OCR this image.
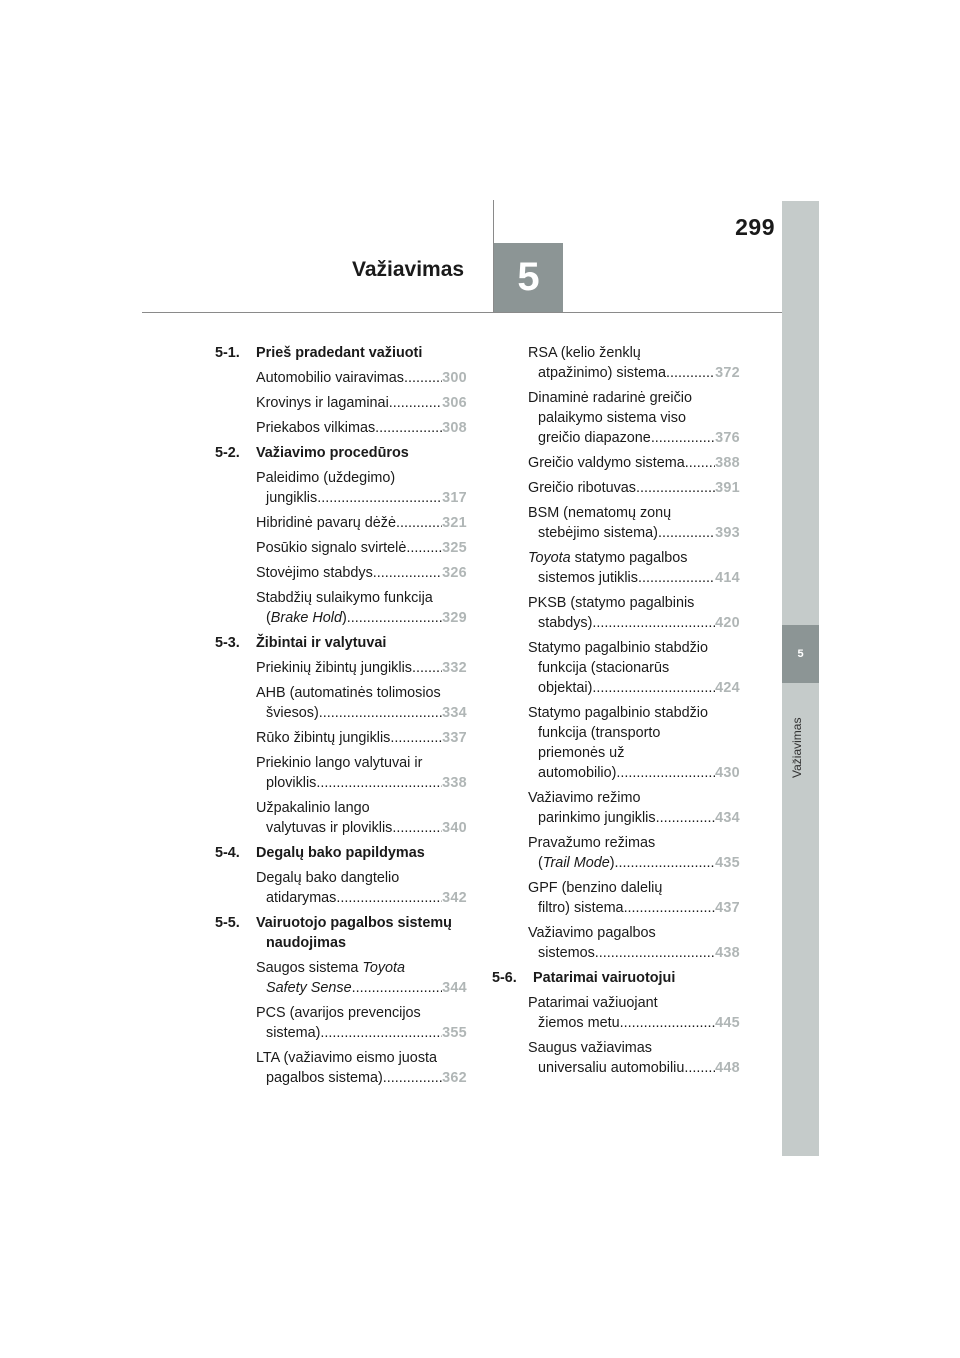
299
Važiavimas	5
5
Važiavimas
5-1.	Prieš pradedant važiuoti
Automobilio vairavimas .....	300
Krovinys ir lagaminai .....	306
Priekabos vilkimas .....	308
5-2.	Važiavimo procedūros
Paleidimo (uždegimo)
jungiklis .....	317
Hibridinė pavarų dėžė .....	321
Posūkio signalo svirtelė ..... 325
Stovėjimo stabdys .....	326
Stabdžių sulaikymo funkcija
(Brake Hold) .....	329
5-3.	Žibintai ir valytuvai
Priekinių žibintų jungiklis ..... 332
AHB (automatinės tolimosios
šviesos) .....	334
Rūko žibintų jungiklis .....	337
Priekinio lango valytuvai ir
ploviklis .....	338
Užpakalinio lango
valytuvas ir ploviklis .....	340
5-4.	Degalų bako papildymas
Degalų bako dangtelio
atidarymas .....	342
5-5.	Vairuotojo pagalbos sistemų
naudojimas
Saugos sistema Toyota
Safety Sense .....	344
PCS (avarijos prevencijos
sistema) .....	355
LTA (važiavimo eismo juosta
pagalbos sistema) .....	362
RSA (kelio ženklų
atpažinimo) sistema .....	372
Dinaminė radarinė greičio
palaikymo sistema viso
greičio diapazone .....	376
Greičio valdymo sistema ..... 388
Greičio ribotuvas .....	391
BSM (nematomų zonų
stebėjimo sistema) .....	393
Toyota statymo pagalbos
sistemos jutiklis .....	414
PKSB (statymo pagalbinis
stabdys) .....	420
Statymo pagalbinio stabdžio
funkcija (stacionarūs
objektai) .....	424
Statymo pagalbinio stabdžio
funkcija (transporto
priemonės už
automobilio) .....	430
Važiavimo režimo
parinkimo jungiklis .....	434
Pravažumo režimas
(Trail Mode) .....	435
GPF (benzino dalelių
filtro) sistema .....	437
Važiavimo pagalbos
sistemos .....	438
5-6.	Patarimai vairuotojui
Patarimai važiuojant
žiemos metu .....	445
Saugus važiavimas
universaliu automobiliu ..... 448
